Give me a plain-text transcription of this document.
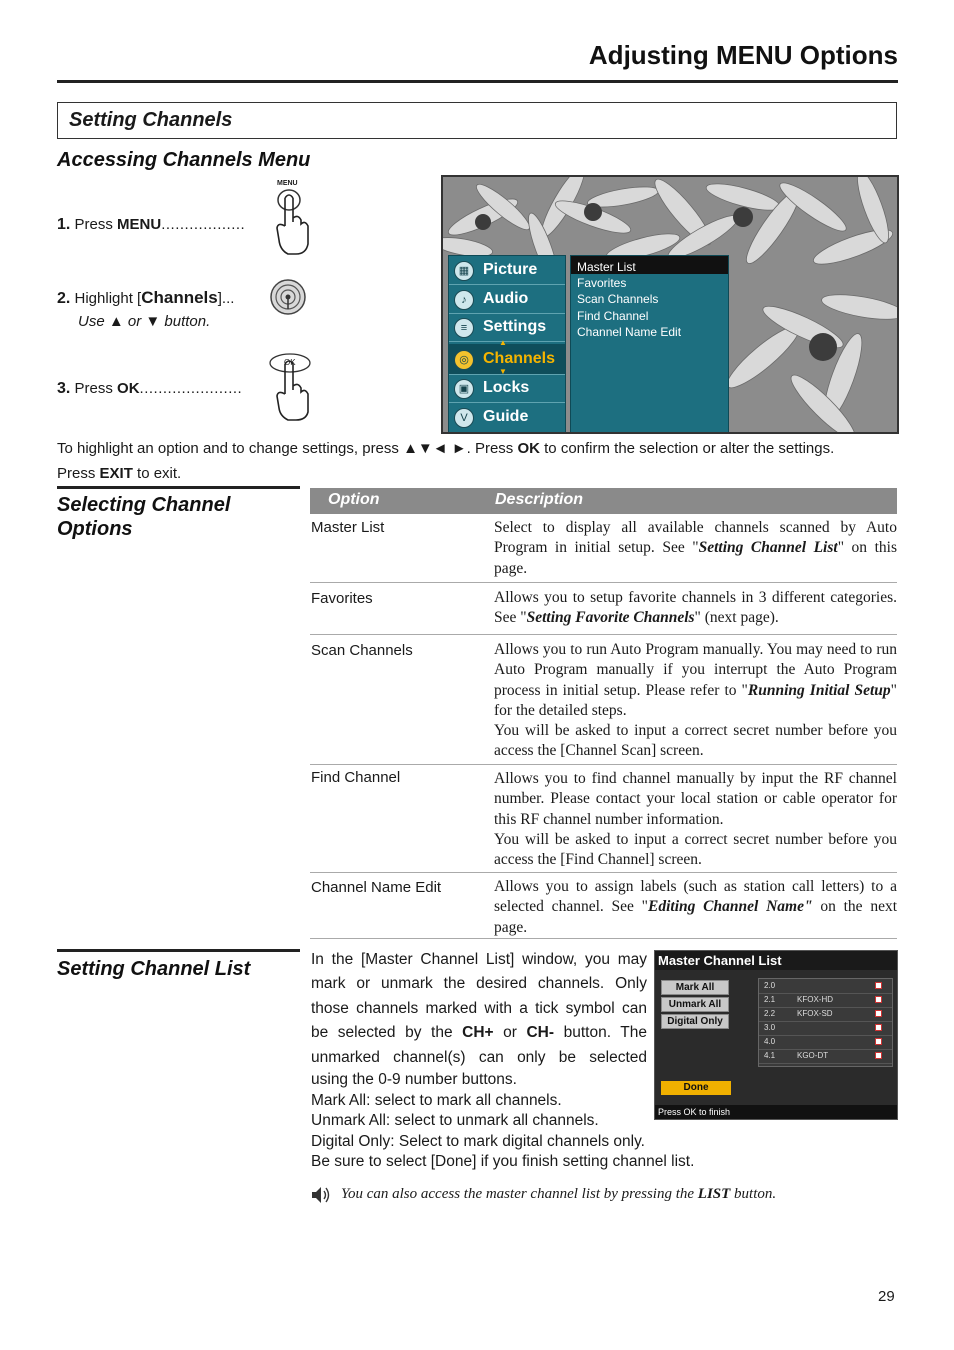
Adjusting MENU Options
Setting Channels
Accessing Channels Menu
1. Press MENU..................
MENU
2. Highlight [Channels]...
Use ▲ or ▼ button.
3. Press OK......................
OK
▦ Picture
♪	Audio
≡ Settings
◎ Channels
▲
▼
▣ Locks
V Guide
Master List
Favorites
Scan Channels
Find Channel
Channel Name Edit
To highlight an option and to change settings, press ▲▼◄ ►. Press OK to confirm the selection or alter the settings.
Press EXIT to exit.
Selecting Channel
Options
Option	Description
Master List	Select to display all available channels scanned by Auto Program in initial setup. See "Setting Channel List" on this page.
Favorites	Allows you to setup favorite channels in 3 different categories. See "Setting Favorite Channels" (next page).
Scan Channels	Allows you to run Auto Program manually. You may need to run Auto Program manually if you interrupt the Auto Program process in initial setup. Please refer to "Running Initial Setup" for the detailed steps.
You will be asked to input a correct secret number before you access the [Channel Scan] screen.
Find Channel	Allows you to find channel manually by input the RF channel number. Please contact your local station or cable operator for this RF channel number information.
You will be asked to input a correct secret number before you access the [Find Channel] screen.
Channel Name Edit	Allows you to assign labels (such as station call letters) to a selected channel. See "Editing Channel Name" on the next page.
Setting Channel List	In the [Master Channel List] window, you may
mark or unmark the desired channels. Only
those channels marked with a tick symbol can
be selected by the CH+ or CH- button. The
unmarked channel(s) can only be selected
using the 0-9 number buttons.
Mark All: select to mark all channels.
Unmark All: select to unmark all channels.
Digital Only: Select to mark digital channels only.
Be sure to select [Done] if you finish setting channel list.
Master Channel List
Mark All
Unmark All
Digital Only
2.0
2.1	KFOX-HD
2.2	KFOX-SD
3.0
4.0
4.1	KGO-DT
Done
Press OK to finish
You can also access the master channel list by pressing the LIST button.
29
